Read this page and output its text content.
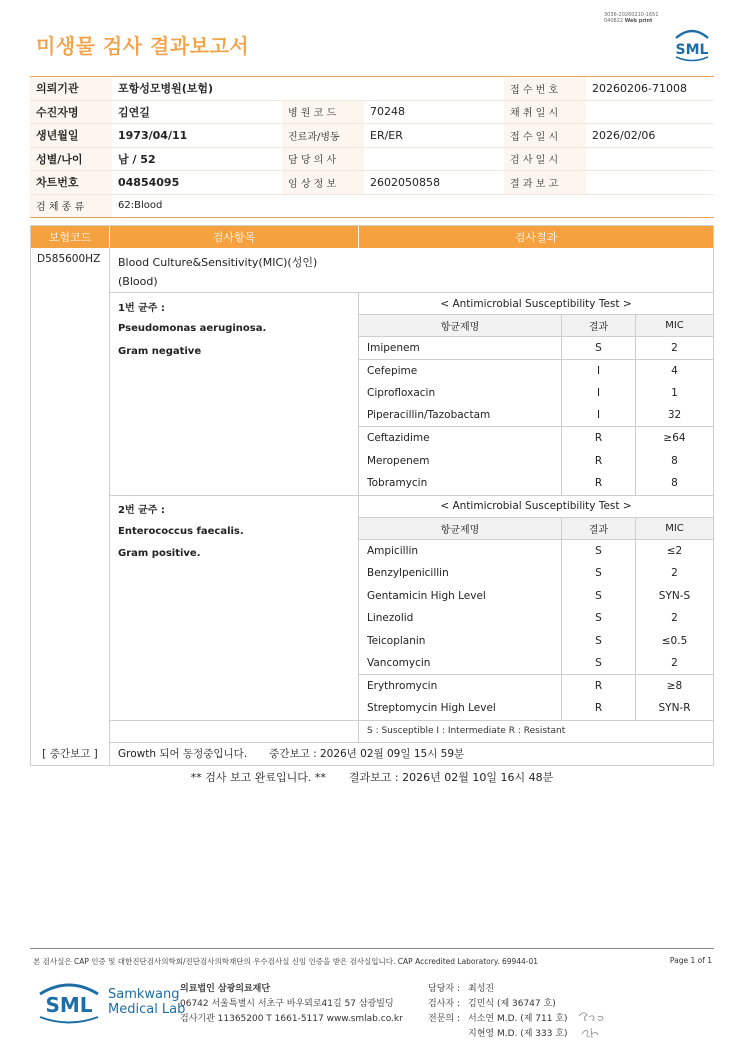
3036-20260210-1651
040822 Web print
미생물 검사 결과보고서	SML
의뢰기관	포항성모병원(보험)	접 수 번 호	20260206-71008
수진자명	김연길	병 원 코 드	70248	채 취 일 시
생년월일	1973/04/11	진료과/병동	ER/ER	접 수 일 시	2026/02/06
성별/나이	남 / 52	담 당 의 사	검 사 일 시
차트번호	04854095	임 상 정 보	2602050858	결 과 보 고
검 체 종 류	62:Blood
보험코드	검사항목	검사결과
D585600HZ	Blood Culture&Sensitivity(MIC)(성인)
(Blood)
1번 균주 :
Pseudomonas aeruginosa.
Gram negative
< Antimicrobial Susceptibility Test >
항균제명	결과	MIC
Imipenem	S	2
Cefepime	I	4
Ciprofloxacin	I	1
Piperacillin/Tazobactam	I	32
Ceftazidime	R	≥64
Meropenem	R	8
Tobramycin	R	8
2번 균주 :
Enterococcus faecalis.
Gram positive.
< Antimicrobial Susceptibility Test >
항균제명	결과	MIC
Ampicillin	S	≤2
Benzylpenicillin	S	2
Gentamicin High Level	S	SYN-S
Linezolid	S	2
Teicoplanin	S	≤0.5
Vancomycin	S	2
Erythromycin	R	≥8
Streptomycin High Level	R	SYN-R
S : Susceptible I : Intermediate R : Resistant
[ 중간보고 ]	Growth 되어 동정중입니다. 중간보고 : 2026년 02월 09일 15시 59분
** 검사 보고 완료입니다. ** 결과보고 : 2026년 02월 10일 16시 48분
본 검사실은 CAP 인증 및 대한진단검사의학회/진단검사의학재단의 우수검사실 신임 인증을 받은 검사실입니다. CAP Accredited Laboratory. 69944-01	Page 1 of 1
SML Samkwang
Medical Lab
의료법인 삼광의료재단
06742 서울특별시 서초구 바우뫼로41길 57 삼광빌딩
검사기관 11365200 T 1661-5117 www.smlab.co.kr
담당자 : 최성진
검사자 : 김민식 (제 36747 호)
전문의 : 서소연 M.D. (제 711 호)
지현영 M.D. (제 333 호)
